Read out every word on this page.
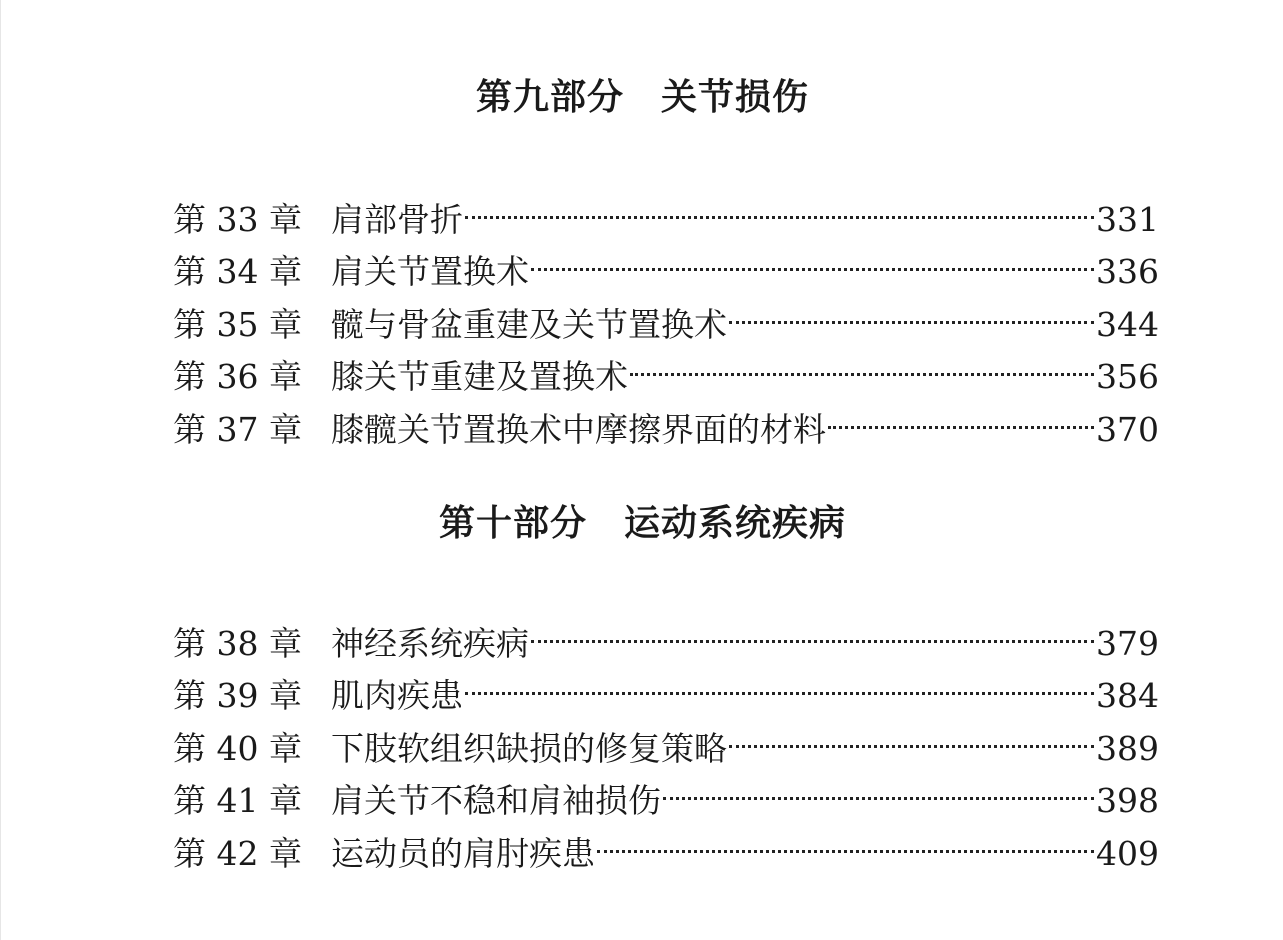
第九部分　关节损伤
第 33 章 肩部骨折	331
第 34 章 肩关节置换术	336
第 35 章 髋与骨盆重建及关节置换术	344
第 36 章 膝关节重建及置换术	356
第 37 章 膝髋关节置换术中摩擦界面的材料	370
第十部分　运动系统疾病
第 38 章 神经系统疾病	379
第 39 章 肌肉疾患	384
第 40 章 下肢软组织缺损的修复策略	389
第 41 章 肩关节不稳和肩袖损伤	398
第 42 章 运动员的肩肘疾患	409
